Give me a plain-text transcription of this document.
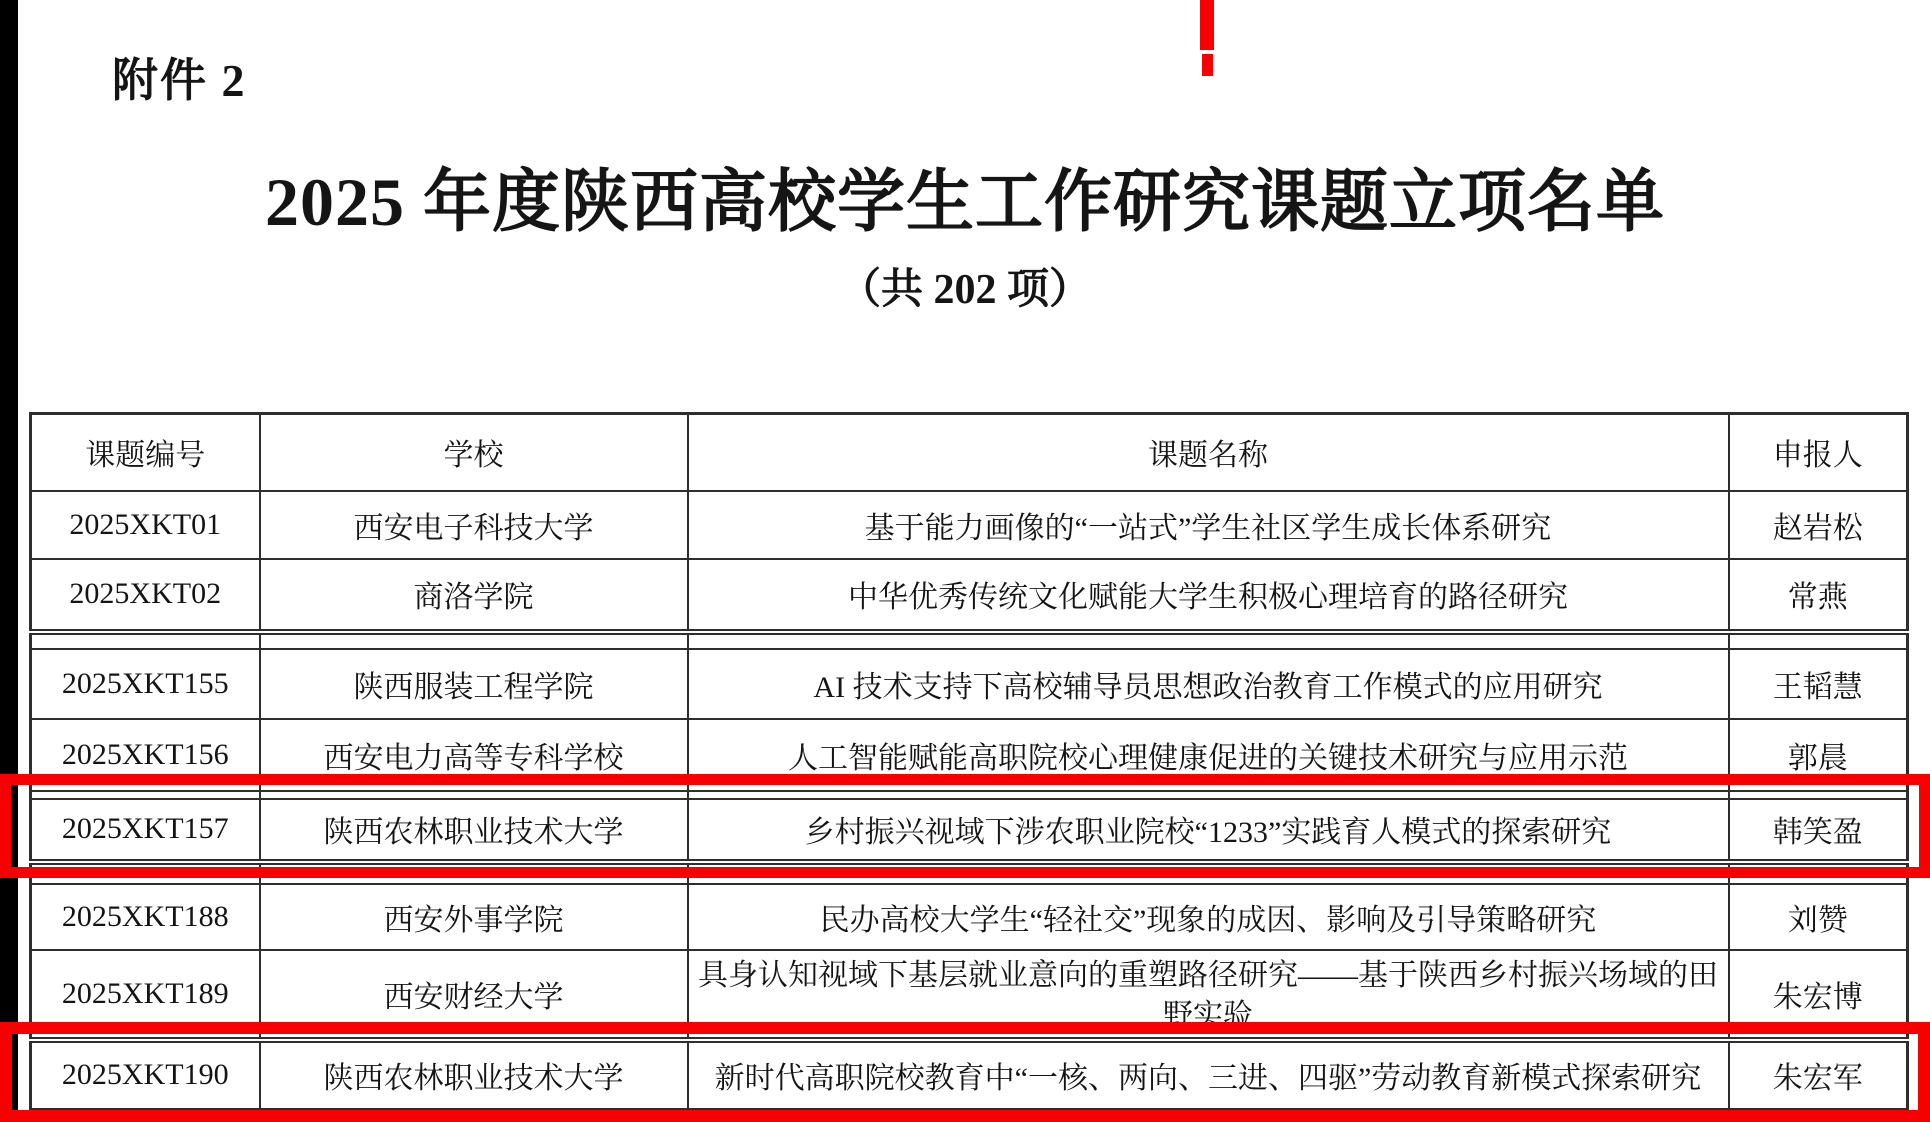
附件 2
2025 年度陕西高校学生工作研究课题立项名单
（共 202 项）
课题编号	学校	课题名称	申报人
2025XKT01	西安电子科技大学	基于能力画像的“一站式”学生社区学生成长体系研究	赵岩松
2025XKT02	商洛学院	中华优秀传统文化赋能大学生积极心理培育的路径研究	常燕

2025XKT155	陕西服装工程学院	AI 技术支持下高校辅导员思想政治教育工作模式的应用研究	王韬慧
2025XKT156	西安电力高等专科学校	人工智能赋能高职院校心理健康促进的关键技术研究与应用示范	郭晨

2025XKT157	陕西农林职业技术大学	乡村振兴视域下涉农职业院校“1233”实践育人模式的探索研究	韩笑盈

2025XKT188	西安外事学院	民办高校大学生“轻社交”现象的成因、影响及引导策略研究	刘赞
2025XKT189	西安财经大学	具身认知视域下基层就业意向的重塑路径研究——基于陕西乡村振兴场域的田野实验	朱宏博
2025XKT190	陕西农林职业技术大学	新时代高职院校教育中“一核、两向、三进、四驱”劳动教育新模式探索研究	朱宏军
